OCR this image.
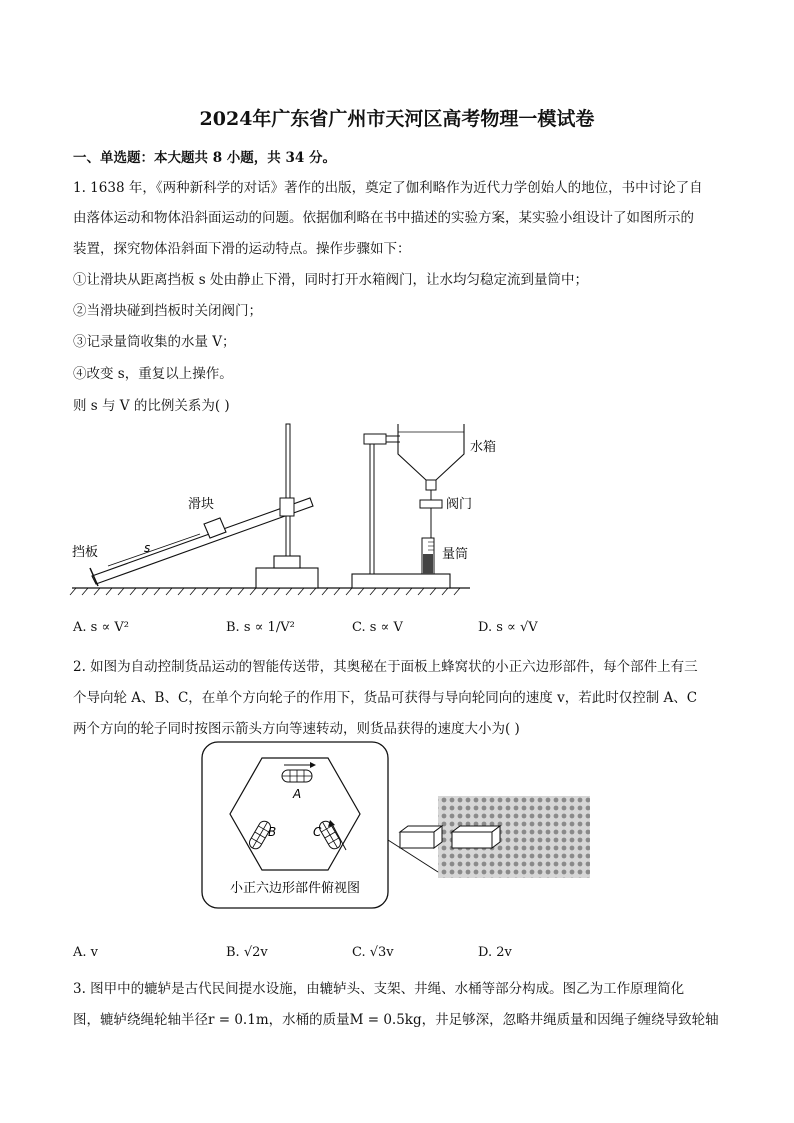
2024年广东省广州市天河区高考物理一模试卷
一、单选题：本大题共 8 小题，共 34 分。
1. 1638 年，《两种新科学的对话》著作的出版，奠定了伽利略作为近代力学创始人的地位，书中讨论了自
由落体运动和物体沿斜面运动的问题。依据伽利略在书中描述的实验方案，某实验小组设计了如图所示的
装置，探究物体沿斜面下滑的运动特点。操作步骤如下：
①让滑块从距离挡板 s 处由静止下滑，同时打开水箱阀门，让水均匀稳定流到量筒中；
②当滑块碰到挡板时关闭阀门；
③记录量筒收集的水量 V；
④改变 s，重复以上操作。
则 s 与 V 的比例关系为( )
滑块
挡板	s
水箱
阀门
量筒
A. s ∝ V²	B. s ∝ 1/V²	C. s ∝ V	D. s ∝ √V
2. 如图为自动控制货品运动的智能传送带，其奥秘在于面板上蜂窝状的小正六边形部件，每个部件上有三
个导向轮 A、B、C，在单个方向轮子的作用下，货品可获得与导向轮同向的速度 v，若此时仅控制 A、C
两个方向的轮子同时按图示箭头方向等速转动，则货品获得的速度大小为( )
A
B	C
小正六边形部件俯视图
A. v	B. √2v	C. √3v	D. 2v
3. 图甲中的辘轳是古代民间提水设施，由辘轳头、支架、井绳、水桶等部分构成。图乙为工作原理简化
图，辘轳绕绳轮轴半径r = 0.1m，水桶的质量M = 0.5kg，井足够深，忽略井绳质量和因绳子缠绕导致轮轴
